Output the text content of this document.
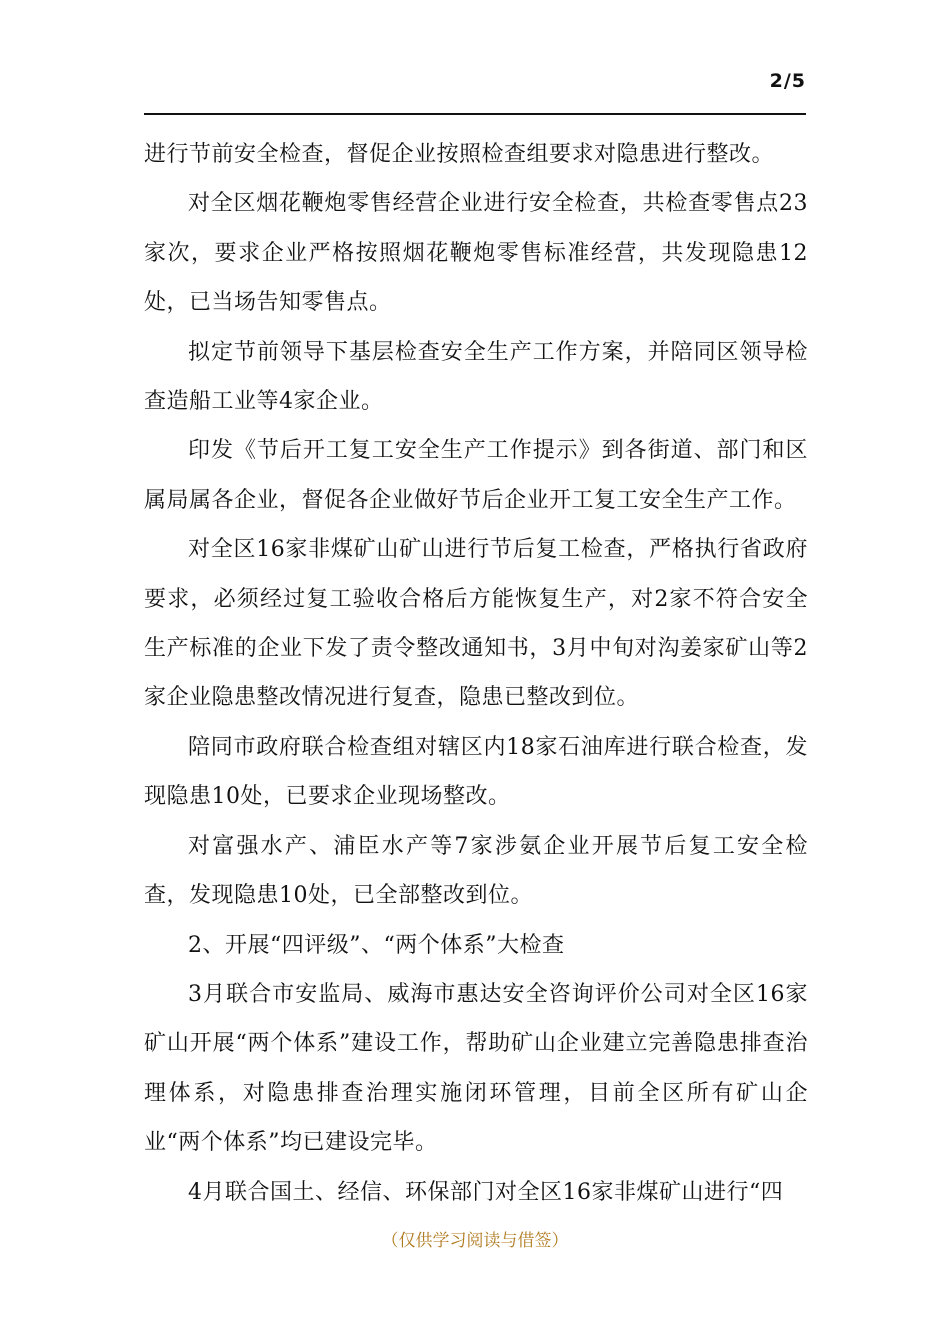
2/5

进行节前安全检查，督促企业按照检查组要求对隐患进行整改。

对全区烟花鞭炮零售经营企业进行安全检查，共检查零售点23家次，要求企业严格按照烟花鞭炮零售标准经营，共发现隐患12处，已当场告知零售点。

拟定节前领导下基层检查安全生产工作方案，并陪同区领导检查造船工业等4家企业。

印发《节后开工复工安全生产工作提示》到各街道、部门和区属局属各企业，督促各企业做好节后企业开工复工安全生产工作。

对全区16家非煤矿山矿山进行节后复工检查，严格执行省政府要求，必须经过复工验收合格后方能恢复生产，对2家不符合安全生产标准的企业下发了责令整改通知书，3月中旬对沟姜家矿山等2家企业隐患整改情况进行复查，隐患已整改到位。

陪同市政府联合检查组对辖区内18家石油库进行联合检查，发现隐患10处，已要求企业现场整改。

对富强水产、浦臣水产等7家涉氨企业开展节后复工安全检查，发现隐患10处，已全部整改到位。

2、开展“四评级”、“两个体系”大检查

3月联合市安监局、威海市惠达安全咨询评价公司对全区16家矿山开展“两个体系”建设工作，帮助矿山企业建立完善隐患排查治理体系，对隐患排查治理实施闭环管理，目前全区所有矿山企业“两个体系”均已建设完毕。

4月联合国土、经信、环保部门对全区16家非煤矿山进行“四

（仅供学习阅读与借签）
